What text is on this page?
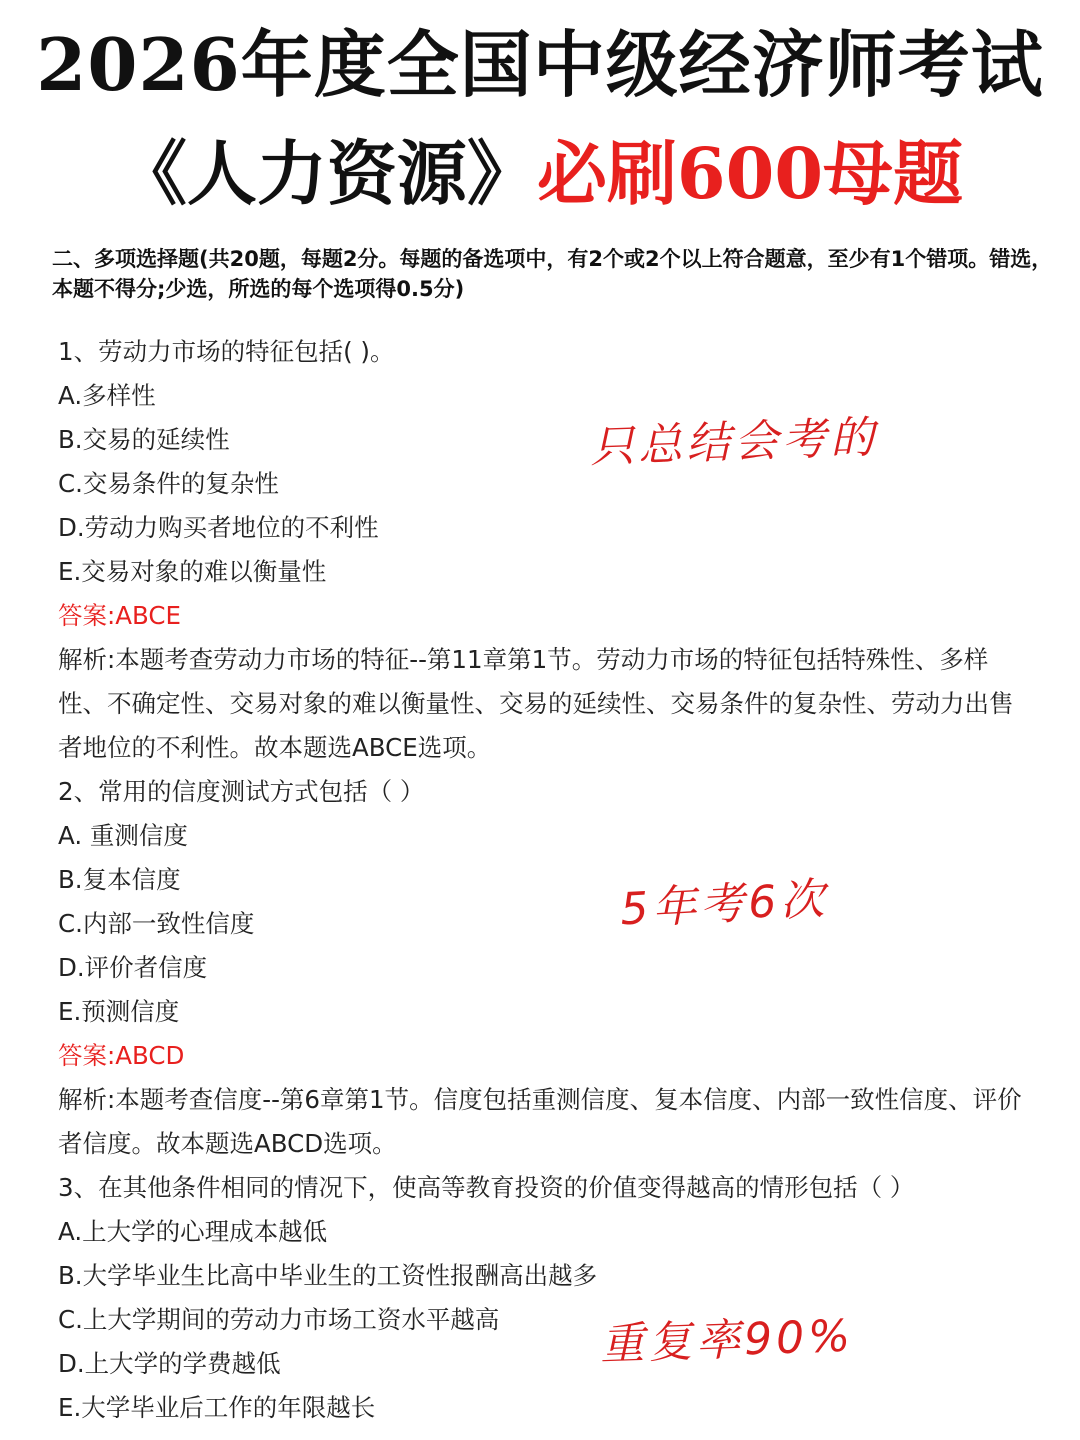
2026年度全国中级经济师考试
《人力资源》必刷600母题
二、多项选择题(共20题，每题2分。每题的备选项中，有2个或2个以上符合题意，至少有1个错项。错选，本题不得分;少选，所选的每个选项得0.5分)
1、劳动力市场的特征包括( )。
A.多样性
B.交易的延续性
C.交易条件的复杂性
D.劳动力购买者地位的不利性
E.交易对象的难以衡量性
答案:ABCE
解析:本题考查劳动力市场的特征--第11章第1节。劳动力市场的特征包括特殊性、多样性、不确定性、交易对象的难以衡量性、交易的延续性、交易条件的复杂性、劳动力出售者地位的不利性。故本题选ABCE选项。
2、常用的信度测试方式包括（ ）
A. 重测信度
B.复本信度
C.内部一致性信度
D.评价者信度
E.预测信度
答案:ABCD
解析:本题考查信度--第6章第1节。信度包括重测信度、复本信度、内部一致性信度、评价者信度。故本题选ABCD选项。
3、在其他条件相同的情况下，使高等教育投资的价值变得越高的情形包括（ ）
A.上大学的心理成本越低
B.大学毕业生比高中毕业生的工资性报酬高出越多
C.上大学期间的劳动力市场工资水平越高
D.上大学的学费越低
E.大学毕业后工作的年限越长
只总结会考的
5年考6次
重复率90%
